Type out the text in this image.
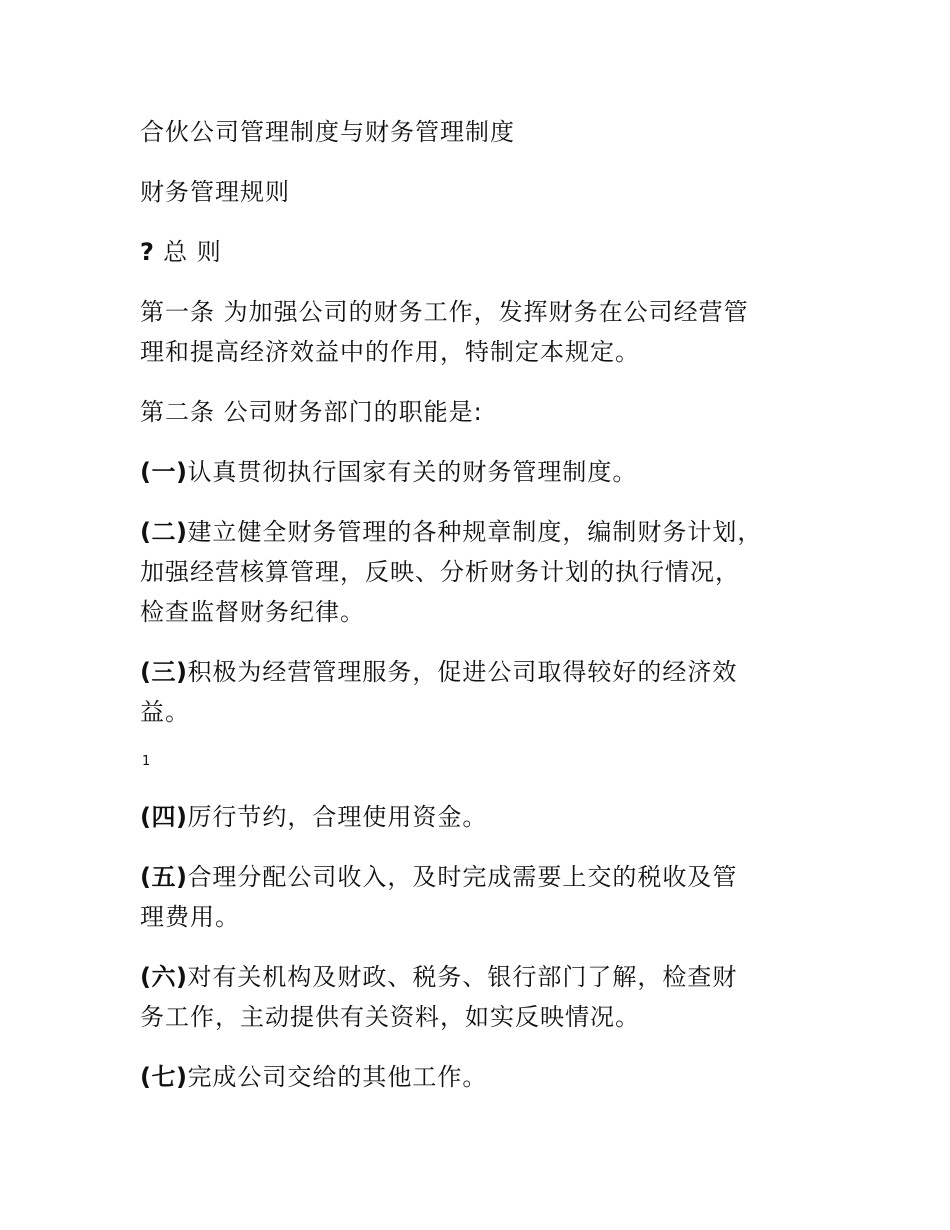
合伙公司管理制度与财务管理制度

财务管理规则

? 总 则

第一条 为加强公司的财务工作，发挥财务在公司经营管
理和提高经济效益中的作用，特制定本规定。

第二条 公司财务部门的职能是:

(一)认真贯彻执行国家有关的财务管理制度。

(二)建立健全财务管理的各种规章制度，编制财务计划，
加强经营核算管理，反映、分析财务计划的执行情况，
检查监督财务纪律。

(三)积极为经营管理服务，促进公司取得较好的经济效
益。

1

(四)厉行节约，合理使用资金。

(五)合理分配公司收入，及时完成需要上交的税收及管
理费用。

(六)对有关机构及财政、税务、银行部门了解，检查财
务工作，主动提供有关资料，如实反映情况。

(七)完成公司交给的其他工作。
